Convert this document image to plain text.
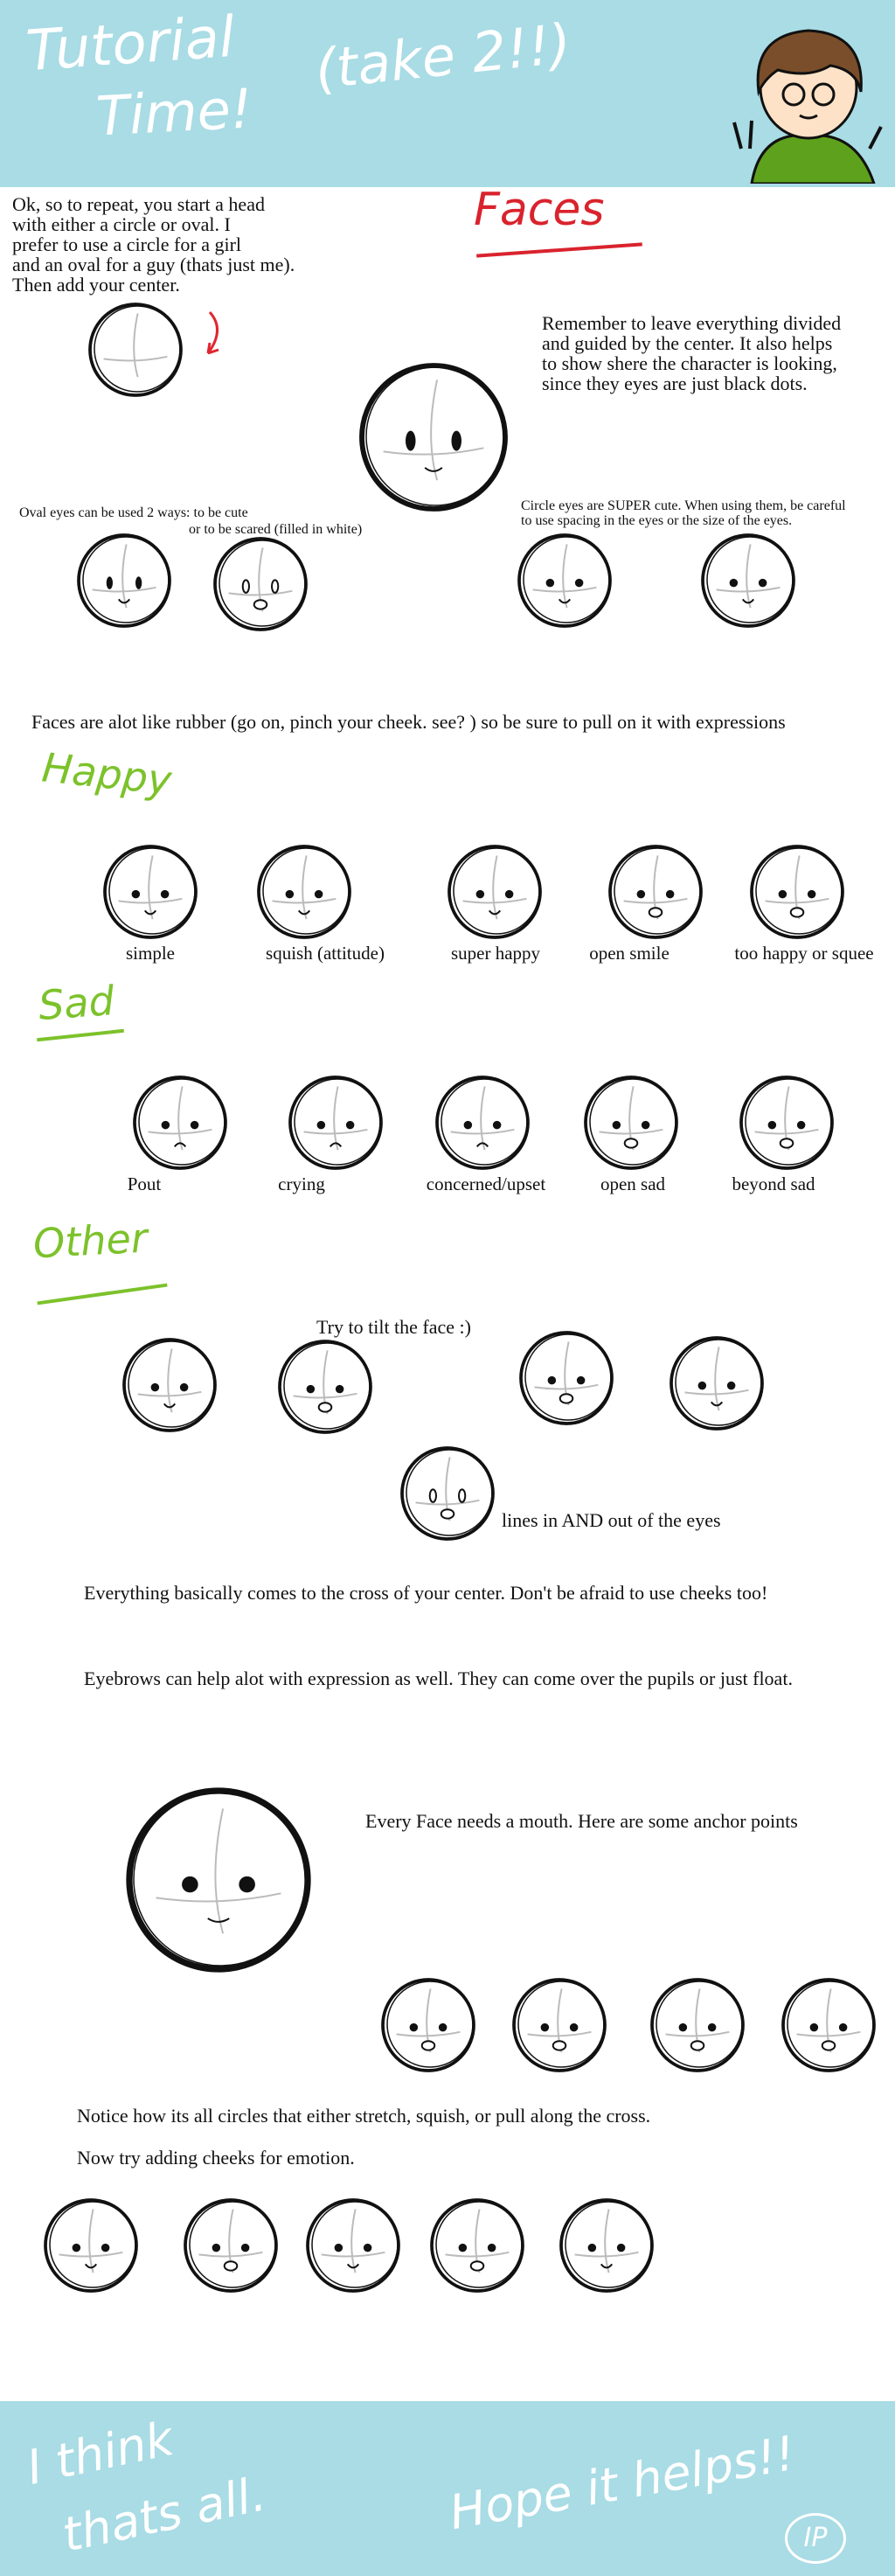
Tutorial
Time!
(take 2!!)
Ok, so to repeat, you start a head
with either a circle or oval. I
prefer to use a circle for a girl
and an oval for a guy (thats just me).
Then add your center.
Faces
Remember to leave everything divided
and guided by the center. It also helps
to show shere the character is looking,
since they eyes are just black dots.
Oval eyes can be used 2 ways: to be cute
or to be scared (filled in white)
Circle eyes are SUPER cute. When using them, be careful
to use spacing in the eyes or the size of the eyes.
Faces are alot like rubber (go on, pinch your cheek. see? ) so be sure to pull on it with expressions
Happy
simple	squish (attitude)	super happy	open smile	too happy or squee
Sad
Pout	crying	concerned/upset	open sad	beyond sad
Other
Try to tilt the face :)
lines in AND out of the eyes
Everything basically comes to the cross of your center. Don't be afraid to use cheeks too!
Eyebrows can help alot with expression as well. They can come over the pupils or just float.
Every Face needs a mouth. Here are some anchor points
Notice how its all circles that either stretch, squish, or pull along the cross.
Now try adding cheeks for emotion.
I think
thats all.	Hope it helps!! IP
